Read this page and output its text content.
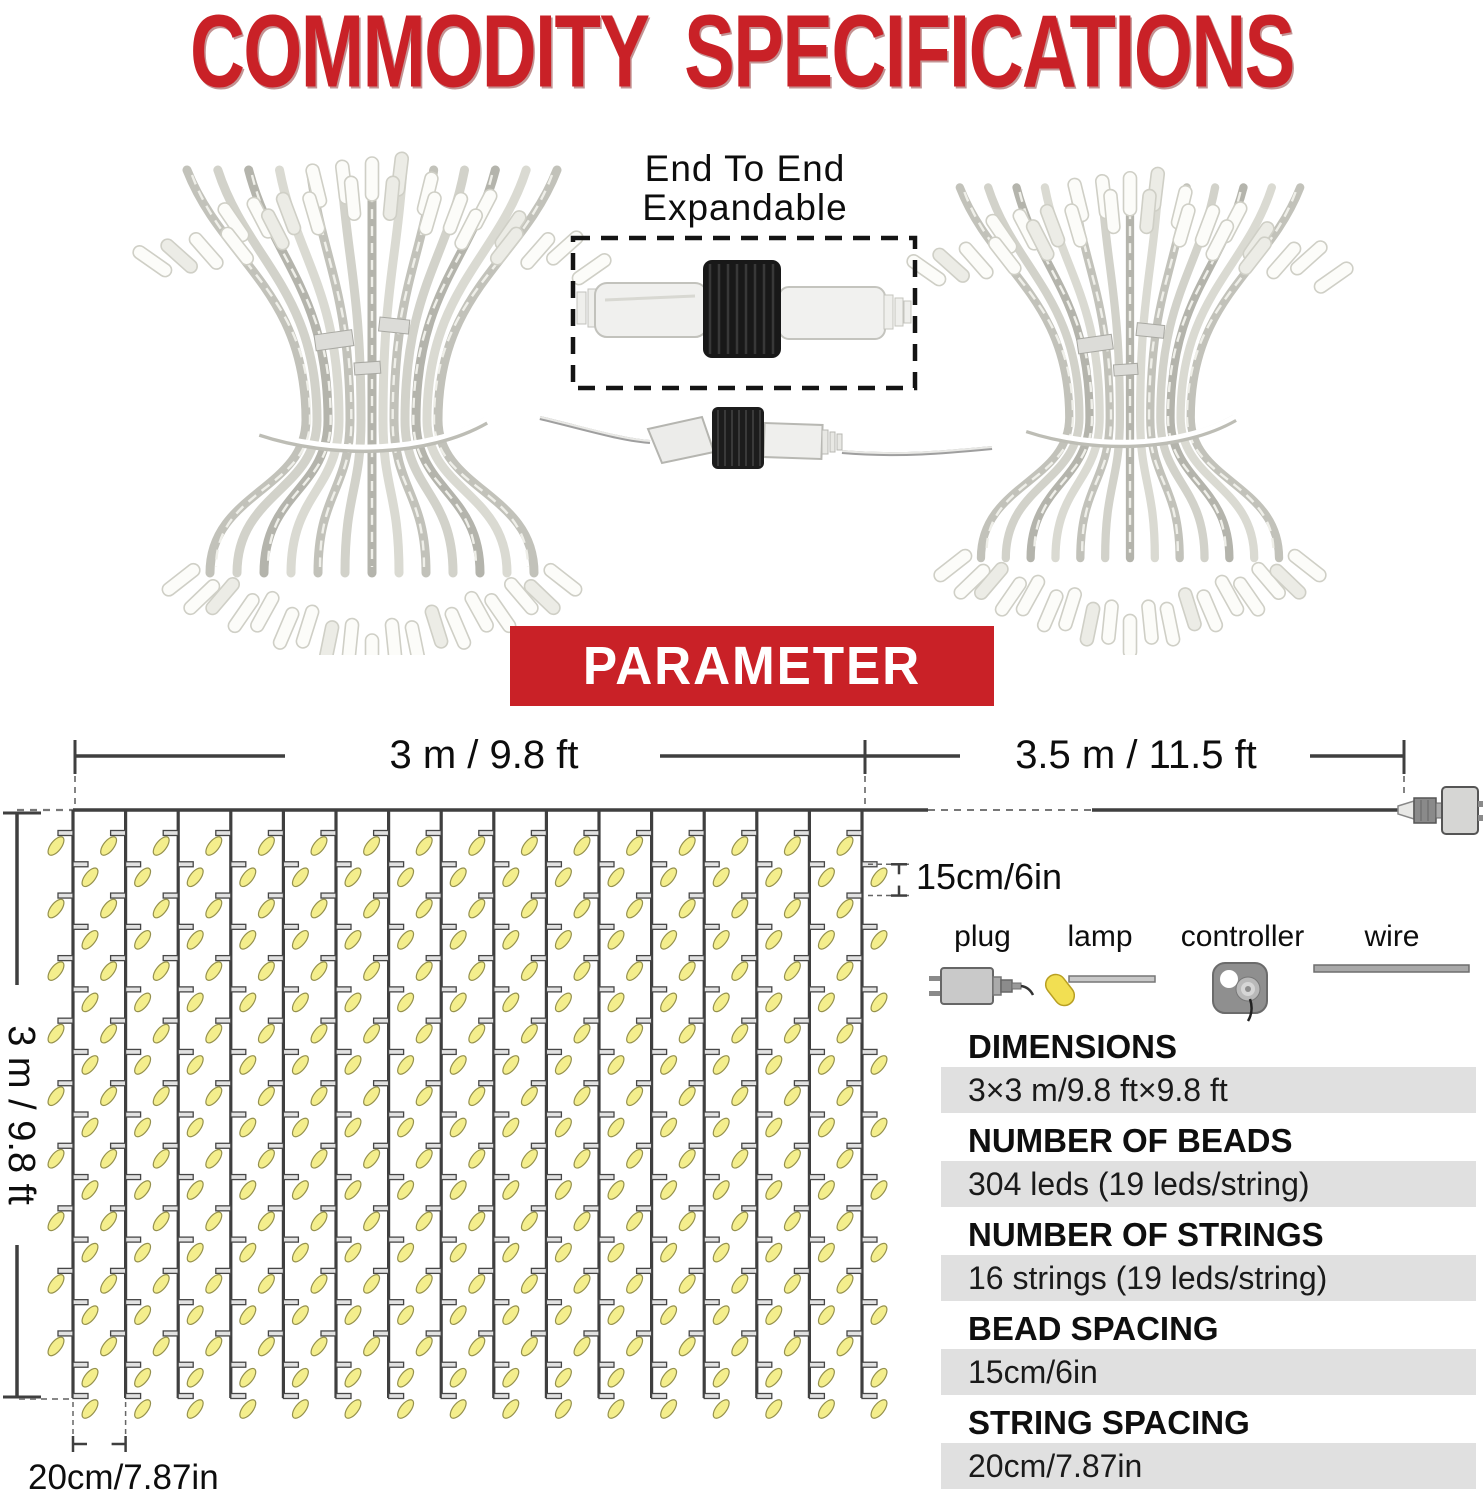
COMMODITY SPECIFICATIONS
End To End
Expandable
PARAMETER
3 m / 9.8 ft	3.5 m / 11.5 ft
3 m / 9.8 ft
15cm/6in
20cm/7.87in
plug lamp controller wire
DIMENSIONS
3×3 m/9.8 ft×9.8 ft
NUMBER OF BEADS
304 leds (19 leds/string)
NUMBER OF STRINGS
16 strings (19 leds/string)
BEAD SPACING
15cm/6in
STRING SPACING
20cm/7.87in
